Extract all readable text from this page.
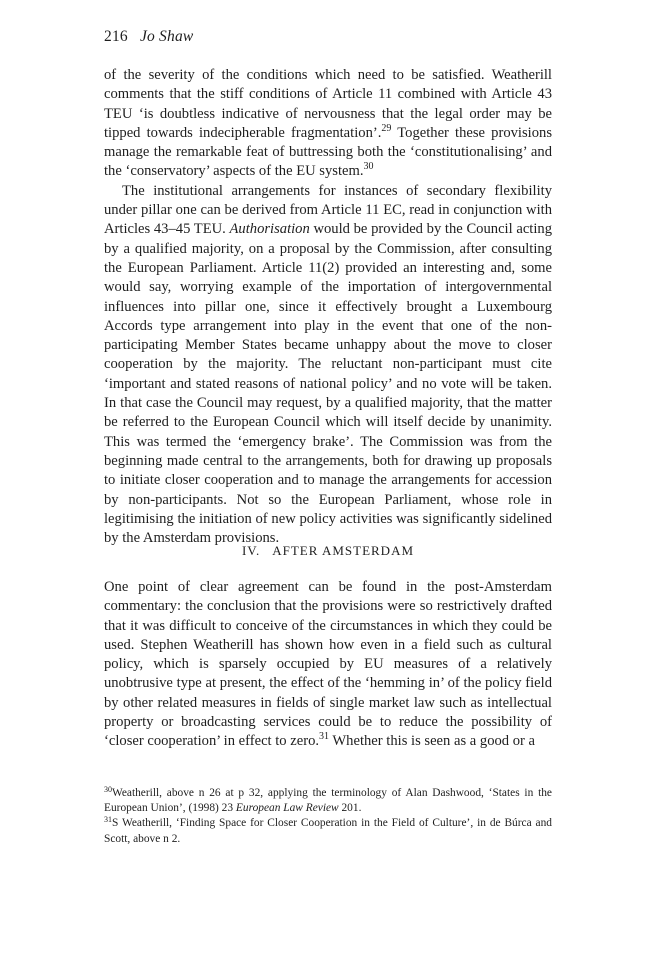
216 Jo Shaw

of the severity of the conditions which need to be satisfied. Weatherill comments that the stiff conditions of Article 11 combined with Article 43 TEU ‘is doubtless indicative of nervousness that the legal order may be tipped towards indecipherable fragmentation’.$^{29}$ Together these provisions manage the remarkable feat of buttressing both the ‘constitutionalising’ and the ‘conservatory’ aspects of the EU system.$^{30}$

The institutional arrangements for instances of secondary flexibility under pillar one can be derived from Article 11 EC, read in conjunction with Articles 43–45 TEU. Authorisation would be provided by the Council acting by a qualified majority, on a proposal by the Commission, after consulting the European Parliament. Article 11(2) provided an interesting and, some would say, worrying example of the importation of intergovernmental influences into pillar one, since it effectively brought a Luxembourg Accords type arrangement into play in the event that one of the non-participating Member States became unhappy about the move to closer cooperation by the majority. The reluctant non-participant must cite ‘important and stated reasons of national policy’ and no vote will be taken. In that case the Council may request, by a qualified majority, that the matter be referred to the European Council which will itself decide by unanimity. This was termed the ‘emergency brake’. The Commission was from the beginning made central to the arrangements, both for drawing up proposals to initiate closer cooperation and to manage the arrangements for accession by non-participants. Not so the European Parliament, whose role in legitimising the initiation of new policy activities was significantly sidelined by the Amsterdam provisions.

IV. AFTER AMSTERDAM

One point of clear agreement can be found in the post-Amsterdam commentary: the conclusion that the provisions were so restrictively drafted that it was difficult to conceive of the circumstances in which they could be used. Stephen Weatherill has shown how even in a field such as cultural policy, which is sparsely occupied by EU measures of a relatively unobtrusive type at present, the effect of the ‘hemming in’ of the policy field by other related measures in fields of single market law such as intellectual property or broadcasting services could be to reduce the possibility of ‘closer cooperation’ in effect to zero.$^{31}$ Whether this is seen as a good or a

$^{30}$Weatherill, above n 26 at p 32, applying the terminology of Alan Dashwood, ‘States in the European Union’, (1998) 23 European Law Review 201.

$^{31}$S Weatherill, ‘Finding Space for Closer Cooperation in the Field of Culture’, in de Búrca and Scott, above n 2.
